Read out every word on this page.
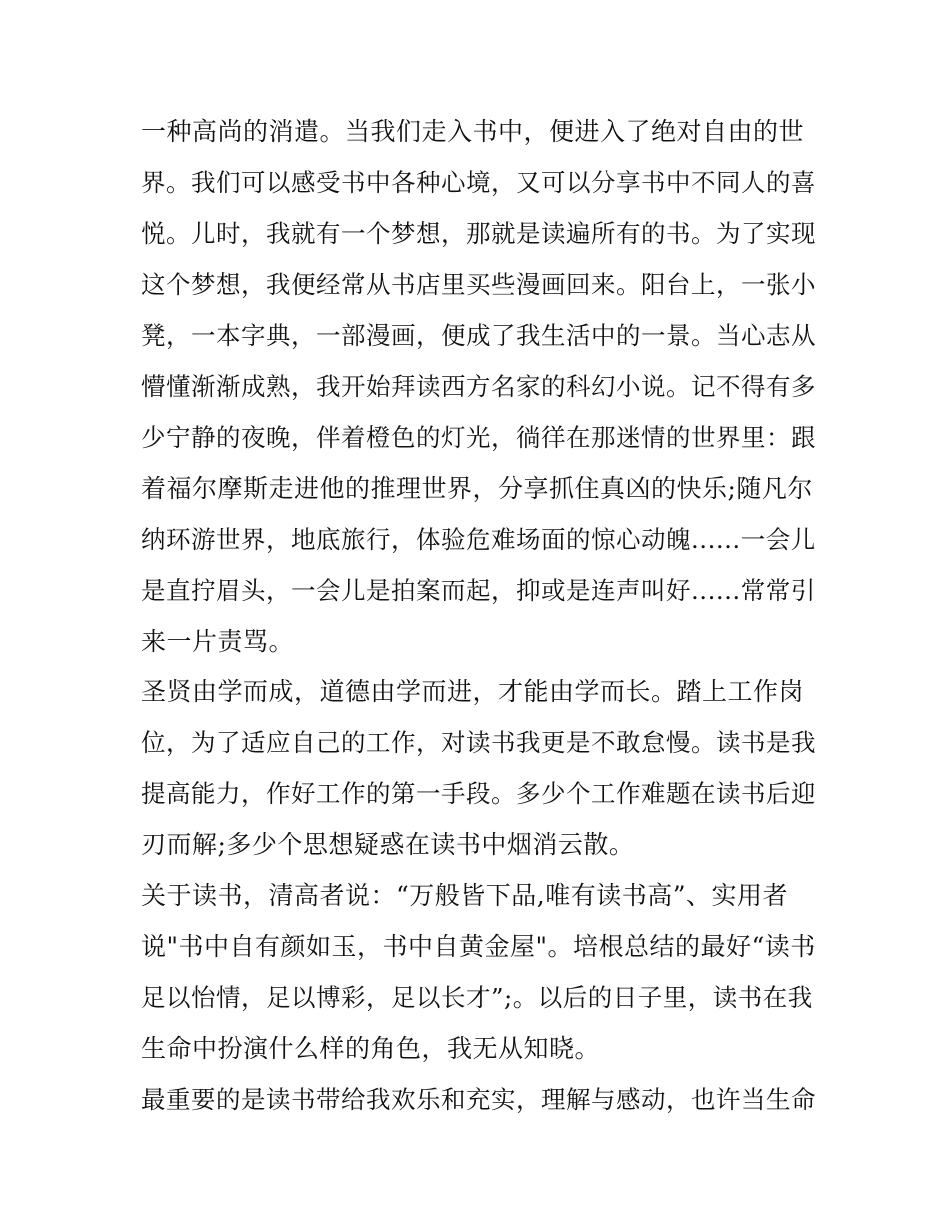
一种高尚的消遣。当我们走入书中，便进入了绝对自由的世
界。我们可以感受书中各种心境，又可以分享书中不同人的喜
悦。儿时，我就有一个梦想，那就是读遍所有的书。为了实现
这个梦想，我便经常从书店里买些漫画回来。阳台上，一张小
凳，一本字典，一部漫画，便成了我生活中的一景。当心志从
懵懂渐渐成熟，我开始拜读西方名家的科幻小说。记不得有多
少宁静的夜晚，伴着橙色的灯光，徜徉在那迷情的世界里：跟
着福尔摩斯走进他的推理世界，分享抓住真凶的快乐;随凡尔
纳环游世界，地底旅行，体验危难场面的惊心动魄......一会儿
是直拧眉头，一会儿是拍案而起，抑或是连声叫好......常常引
来一片责骂。
圣贤由学而成，道德由学而进，才能由学而长。踏上工作岗
位，为了适应自己的工作，对读书我更是不敢怠慢。读书是我
提高能力，作好工作的第一手段。多少个工作难题在读书后迎
刃而解;多少个思想疑惑在读书中烟消云散。
关于读书，清高者说：“万般皆下品,唯有读书高”、实用者
说"书中自有颜如玉，书中自黄金屋"。培根总结的最好“读书
足以怡情，足以博彩，足以长才”;。以后的日子里，读书在我
生命中扮演什么样的角色，我无从知晓。
最重要的是读书带给我欢乐和充实，理解与感动，也许当生命
